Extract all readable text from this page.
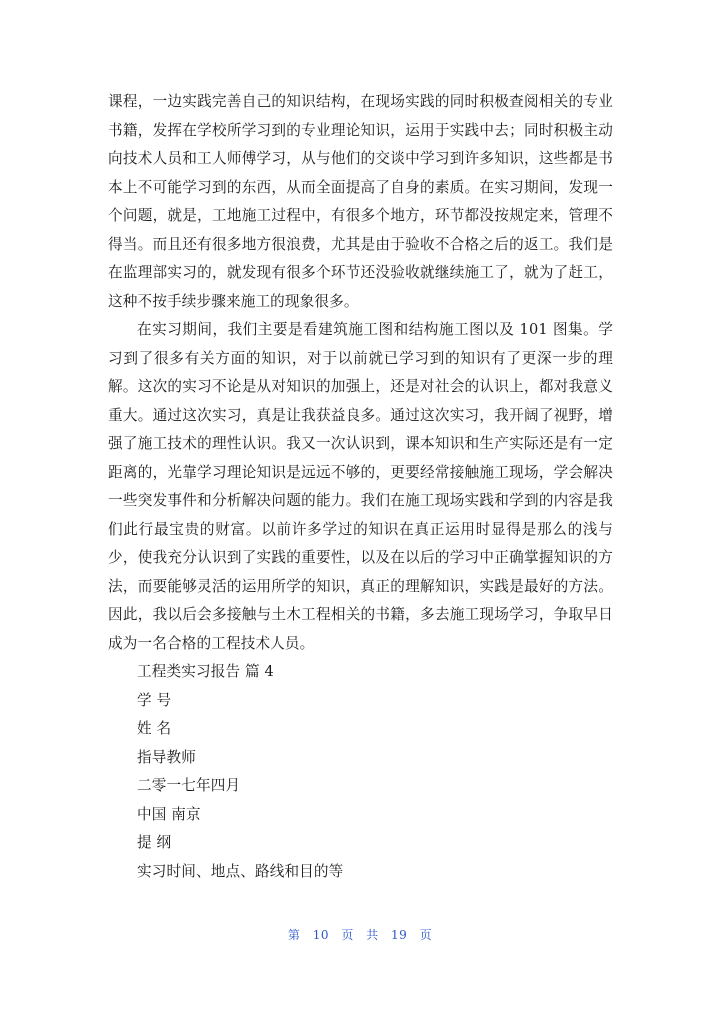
课程，一边实践完善自己的知识结构，在现场实践的同时积极查阅相关的专业书籍，发挥在学校所学习到的专业理论知识，运用于实践中去；同时积极主动向技术人员和工人师傅学习，从与他们的交谈中学习到许多知识，这些都是书本上不可能学习到的东西，从而全面提高了自身的素质。在实习期间，发现一个问题，就是，工地施工过程中，有很多个地方，环节都没按规定来，管理不得当。而且还有很多地方很浪费，尤其是由于验收不合格之后的返工。我们是在监理部实习的，就发现有很多个环节还没验收就继续施工了，就为了赶工，这种不按手续步骤来施工的现象很多。

在实习期间，我们主要是看建筑施工图和结构施工图以及 101 图集。学习到了很多有关方面的知识，对于以前就已学习到的知识有了更深一步的理解。这次的实习不论是从对知识的加强上，还是对社会的认识上，都对我意义重大。通过这次实习，真是让我获益良多。通过这次实习，我开阔了视野，增强了施工技术的理性认识。我又一次认识到，课本知识和生产实际还是有一定距离的，光靠学习理论知识是远远不够的，更要经常接触施工现场，学会解决一些突发事件和分析解决问题的能力。我们在施工现场实践和学到的内容是我们此行最宝贵的财富。以前许多学过的知识在真正运用时显得是那么的浅与少，使我充分认识到了实践的重要性，以及在以后的学习中正确掌握知识的方法，而要能够灵活的运用所学的知识，真正的理解知识，实践是最好的方法。因此，我以后会多接触与土木工程相关的书籍，多去施工现场学习，争取早日成为一名合格的工程技术人员。

工程类实习报告 篇 4

学 号

姓 名

指导教师

二零一七年四月

中国 南京

提 纲

实习时间、地点、路线和目的等

第 10 页 共 19 页
